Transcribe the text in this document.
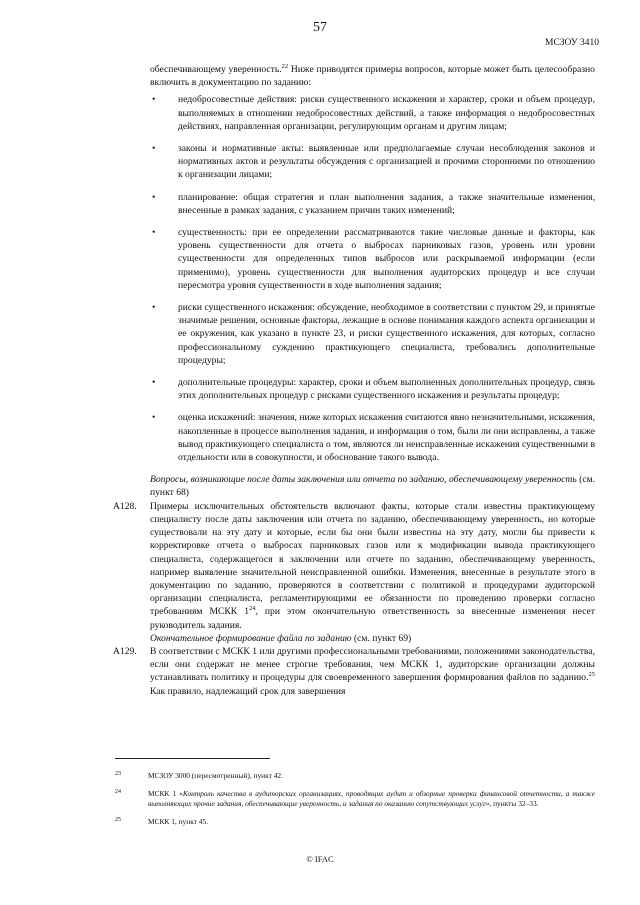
57
МСЗОУ 3410

обеспечивающему уверенность.$^{22}$ Ниже приводятся примеры вопросов, которые может быть целесообразно включить в документацию по заданию:

• недобросовестные действия: риски существенного искажения и характер, сроки и объем процедур, выполняемых в отношении недобросовестных действий, а также информация о недобросовестных действиях, направленная организации, регулирующим органам и другим лицам;
• законы и нормативные акты: выявленные или предполагаемые случаи несоблюдения законов и нормативных актов и результаты обсуждения с организацией и прочими сторонними по отношению к организации лицами;
• планирование: общая стратегия и план выполнения задания, а также значительные изменения, внесенные в рамках задания, с указанием причин таких изменений;
• существенность: при ее определении рассматриваются такие числовые данные и факторы, как уровень существенности для отчета о выбросах парниковых газов, уровень или уровни существенности для определенных типов выбросов или раскрываемой информации (если применимо), уровень существенности для выполнения аудиторских процедур и все случаи пересмотра уровня существенности в ходе выполнения задания;
• риски существенного искажения: обсуждение, необходимое в соответствии с пунктом 29, и принятые значимые решения, основные факторы, лежащие в основе понимания каждого аспекта организации и ее окружения, как указано в пункте 23, и риски существенного искажения, для которых, согласно профессиональному суждению практикующего специалиста, требовались дополнительные процедуры;
• дополнительные процедуры: характер, сроки и объем выполненных дополнительных процедур, связь этих дополнительных процедур с рисками существенного искажения и результаты процедур;
• оценка искажений: значения, ниже которых искажения считаются явно незначительными, искажения, накопленные в процессе выполнения задания, и информация о том, были ли они исправлены, а также вывод практикующего специалиста о том, являются ли неисправленные искажения существенными в отдельности или в совокупности, и обоснование такого вывода.

Вопросы, возникающие после даты заключения или отчета по заданию, обеспечивающему уверенность (см. пункт 68)

A128. Примеры исключительных обстоятельств включают факты, которые стали известны практикующему специалисту после даты заключения или отчета по заданию, обеспечивающему уверенность, но которые существовали на эту дату и которые, если бы они были известны на эту дату, могли бы привести к корректировке отчета о выбросах парниковых газов или к модификации вывода практикующего специалиста, содержащегося в заключении или отчете по заданию, обеспечивающему уверенность, например выявление значительной неисправленной ошибки. Изменения, внесенные в результате этого в документацию по заданию, проверяются в соответствии с политикой и процедурами аудиторской организации специалиста, регламентирующими ее обязанности по проведению проверки согласно требованиям МСКК $1^{24}$, при этом окончательную ответственность за внесенные изменения несет руководитель задания.

Окончательное формирование файла по заданию (см. пункт 69)

A129. В соответствии с МСКК 1 или другими профессиональными требованиями, положениями законодательства, если они содержат не менее строгие требования, чем МСКК 1, аудиторские организации должны устанавливать политику и процедуры для своевременного завершения формирования файлов по заданию.$^{25}$ Как правило, надлежащий срок для завершения

23	МСЗОУ 3000 (пересмотренный), пункт 42.
24	МСКК 1 «Контроль качества в аудиторских организациях, проводящих аудит и обзорные проверки финансовой отчетности, а также выполняющих прочие задания, обеспечивающие уверенность, и задания по оказанию сопутствующих услуг», пункты 32–33.
25	МСКК 1, пункт 45.
© IFAC
